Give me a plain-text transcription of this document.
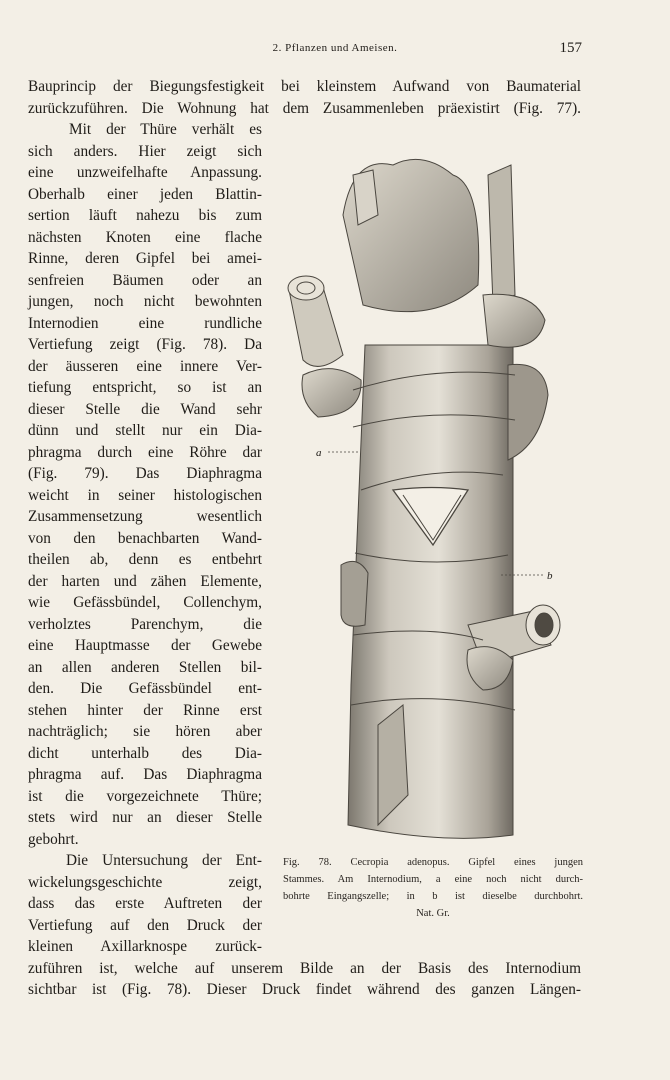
2. Pflanzen und Ameisen.	157
Bauprincip der Biegungsfestigkeit bei kleinstem Aufwand von Baumaterial
zurückzuführen. Die Wohnung hat dem Zusammenleben präexistirt (Fig. 77).
Mit der Thüre verhält es
sich anders. Hier zeigt sich
eine unzweifelhafte Anpassung.
Oberhalb einer jeden Blattin-
sertion läuft nahezu bis zum
nächsten Knoten eine flache
Rinne, deren Gipfel bei amei-
senfreien Bäumen oder an
jungen, noch nicht bewohnten
Internodien eine rundliche
Vertiefung zeigt (Fig. 78). Da
der äusseren eine innere Ver-
tiefung entspricht, so ist an
dieser Stelle die Wand sehr
dünn und stellt nur ein Dia-
phragma durch eine Röhre dar
(Fig. 79). Das Diaphragma
weicht in seiner histologischen
Zusammensetzung wesentlich
von den benachbarten Wand-
theilen ab, denn es entbehrt
der harten und zähen Elemente,
wie Gefässbündel, Collenchym,
verholztes Parenchym, die
eine Hauptmasse der Gewebe
an allen anderen Stellen bil-
den. Die Gefässbündel ent-
stehen hinter der Rinne erst
nachträglich; sie hören aber
dicht unterhalb des Dia-
phragma auf. Das Diaphragma
ist die vorgezeichnete Thüre;
stets wird nur an dieser Stelle
gebohrt.
Die Untersuchung der Ent-
wickelungsgeschichte zeigt,
dass das erste Auftreten der
Vertiefung auf den Druck der
kleinen Axillarknospe zurück-
zuführen ist, welche auf unserem Bilde an der Basis des Internodium
sichtbar ist (Fig. 78). Dieser Druck findet während des ganzen Längen-
a
b
Fig. 78. Cecropia adenopus. Gipfel eines jungen
Stammes. Am Internodium, a eine noch nicht durch-
bohrte Eingangszelle; in b ist dieselbe durchbohrt.
Nat. Gr.
